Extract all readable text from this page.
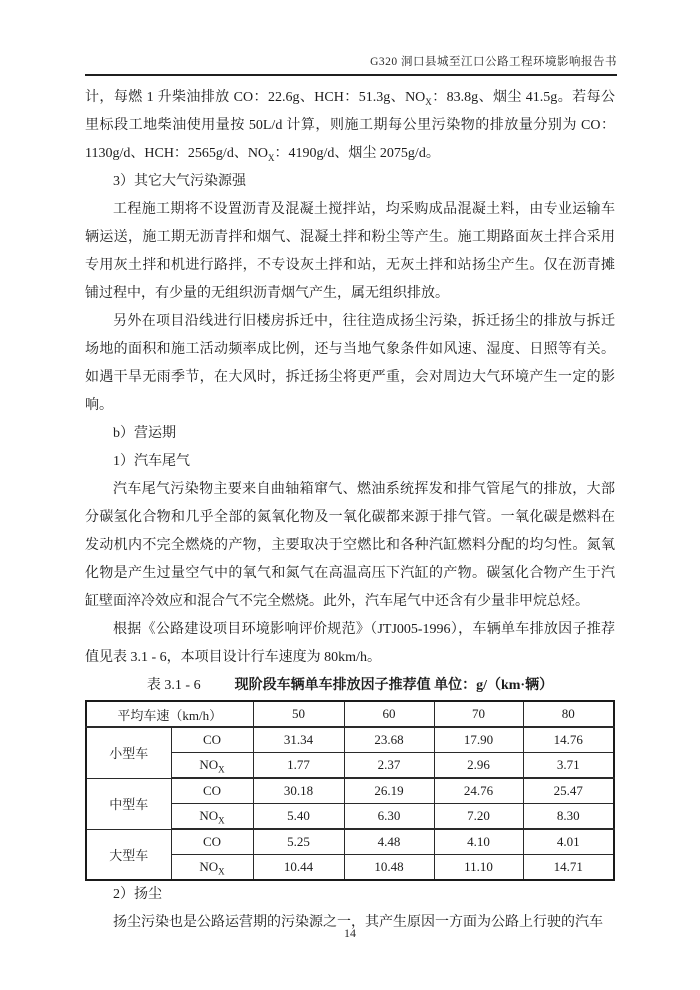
G320 洞口县城至江口公路工程环境影响报告书

计，每燃 1 升柴油排放 CO：22.6g、HCH：51.3g、$NO_X$：83.8g、烟尘 41.5g。若每公里标段工地柴油使用量按 50L/d 计算，则施工期每公里污染物的排放量分别为 CO：1130g/d、HCH：2565g/d、$NO_X$：4190g/d、烟尘 2075g/d。

3）其它大气污染源强

工程施工期将不设置沥青及混凝土搅拌站，均采购成品混凝土料，由专业运输车辆运送，施工期无沥青拌和烟气、混凝土拌和粉尘等产生。施工期路面灰土拌合采用专用灰土拌和机进行路拌，不专设灰土拌和站，无灰土拌和站扬尘产生。仅在沥青摊铺过程中，有少量的无组织沥青烟气产生，属无组织排放。

另外在项目沿线进行旧楼房拆迁中，往往造成扬尘污染，拆迁扬尘的排放与拆迁场地的面积和施工活动频率成比例，还与当地气象条件如风速、湿度、日照等有关。如遇干旱无雨季节，在大风时，拆迁扬尘将更严重，会对周边大气环境产生一定的影响。

b）营运期

1）汽车尾气

汽车尾气污染物主要来自曲轴箱窜气、燃油系统挥发和排气管尾气的排放，大部分碳氢化合物和几乎全部的氮氧化物及一氧化碳都来源于排气管。一氧化碳是燃料在发动机内不完全燃烧的产物，主要取决于空燃比和各种汽缸燃料分配的均匀性。氮氧化物是产生过量空气中的氧气和氮气在高温高压下汽缸的产物。碳氢化合物产生于汽缸壁面淬冷效应和混合气不完全燃烧。此外，汽车尾气中还含有少量非甲烷总烃。

根据《公路建设项目环境影响评价规范》（JTJ005-1996），车辆单车排放因子推荐值见表 3.1 - 6，本项目设计行车速度为 80km/h。

表 3.1 - 6 现阶段车辆单车排放因子推荐值 单位：g/（km·辆）

平均车速（km/h）		50	60	70	80
小型车	CO	31.34	23.68	17.90	14.76
	$NO_X$	1.77	2.37	2.96	3.71
中型车	CO	30.18	26.19	24.76	25.47
	$NO_X$	5.40	6.30	7.20	8.30
大型车	CO	5.25	4.48	4.10	4.01
	$NO_X$	10.44	10.48	11.10	14.71

2）扬尘

扬尘污染也是公路运营期的污染源之一，其产生原因一方面为公路上行驶的汽车

14
